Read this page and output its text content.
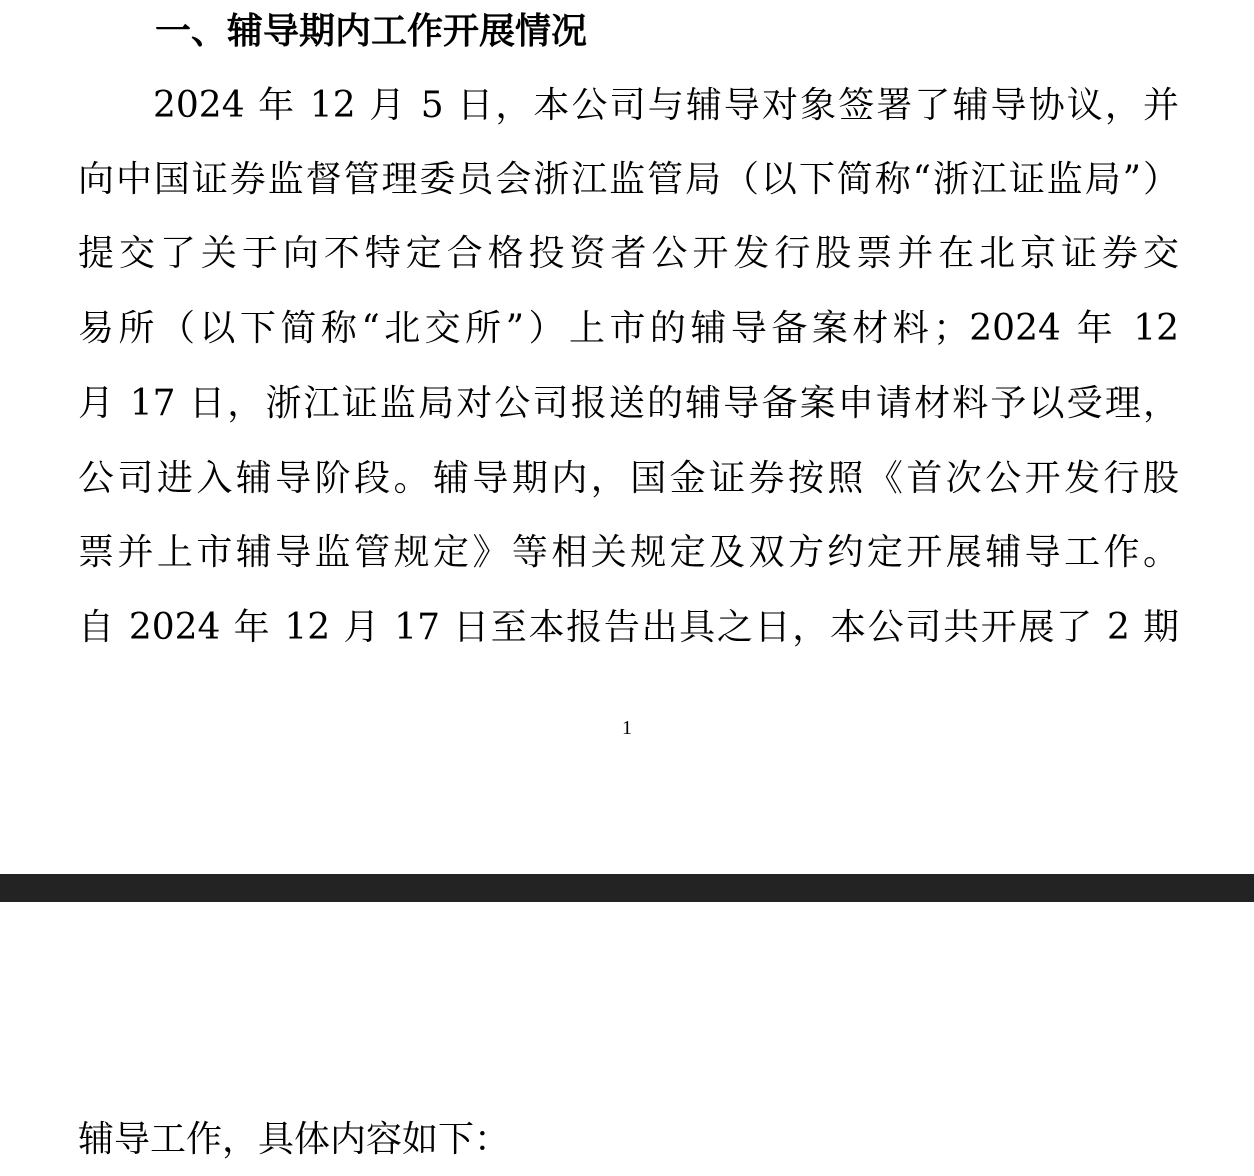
一、辅导期内工作开展情况
2024 年 12 月 5 日，本公司与辅导对象签署了辅导协议，并
向中国证券监督管理委员会浙江监管局（以下简称“浙江证监局”）
提交了关于向不特定合格投资者公开发行股票并在北京证券交
易所（以下简称“北交所”）上市的辅导备案材料；2024 年 12
月 17 日，浙江证监局对公司报送的辅导备案申请材料予以受理，
公司进入辅导阶段。辅导期内，国金证券按照《首次公开发行股
票并上市辅导监管规定》等相关规定及双方约定开展辅导工作。
自 2024 年 12 月 17 日至本报告出具之日，本公司共开展了 2 期
1
辅导工作，具体内容如下：
